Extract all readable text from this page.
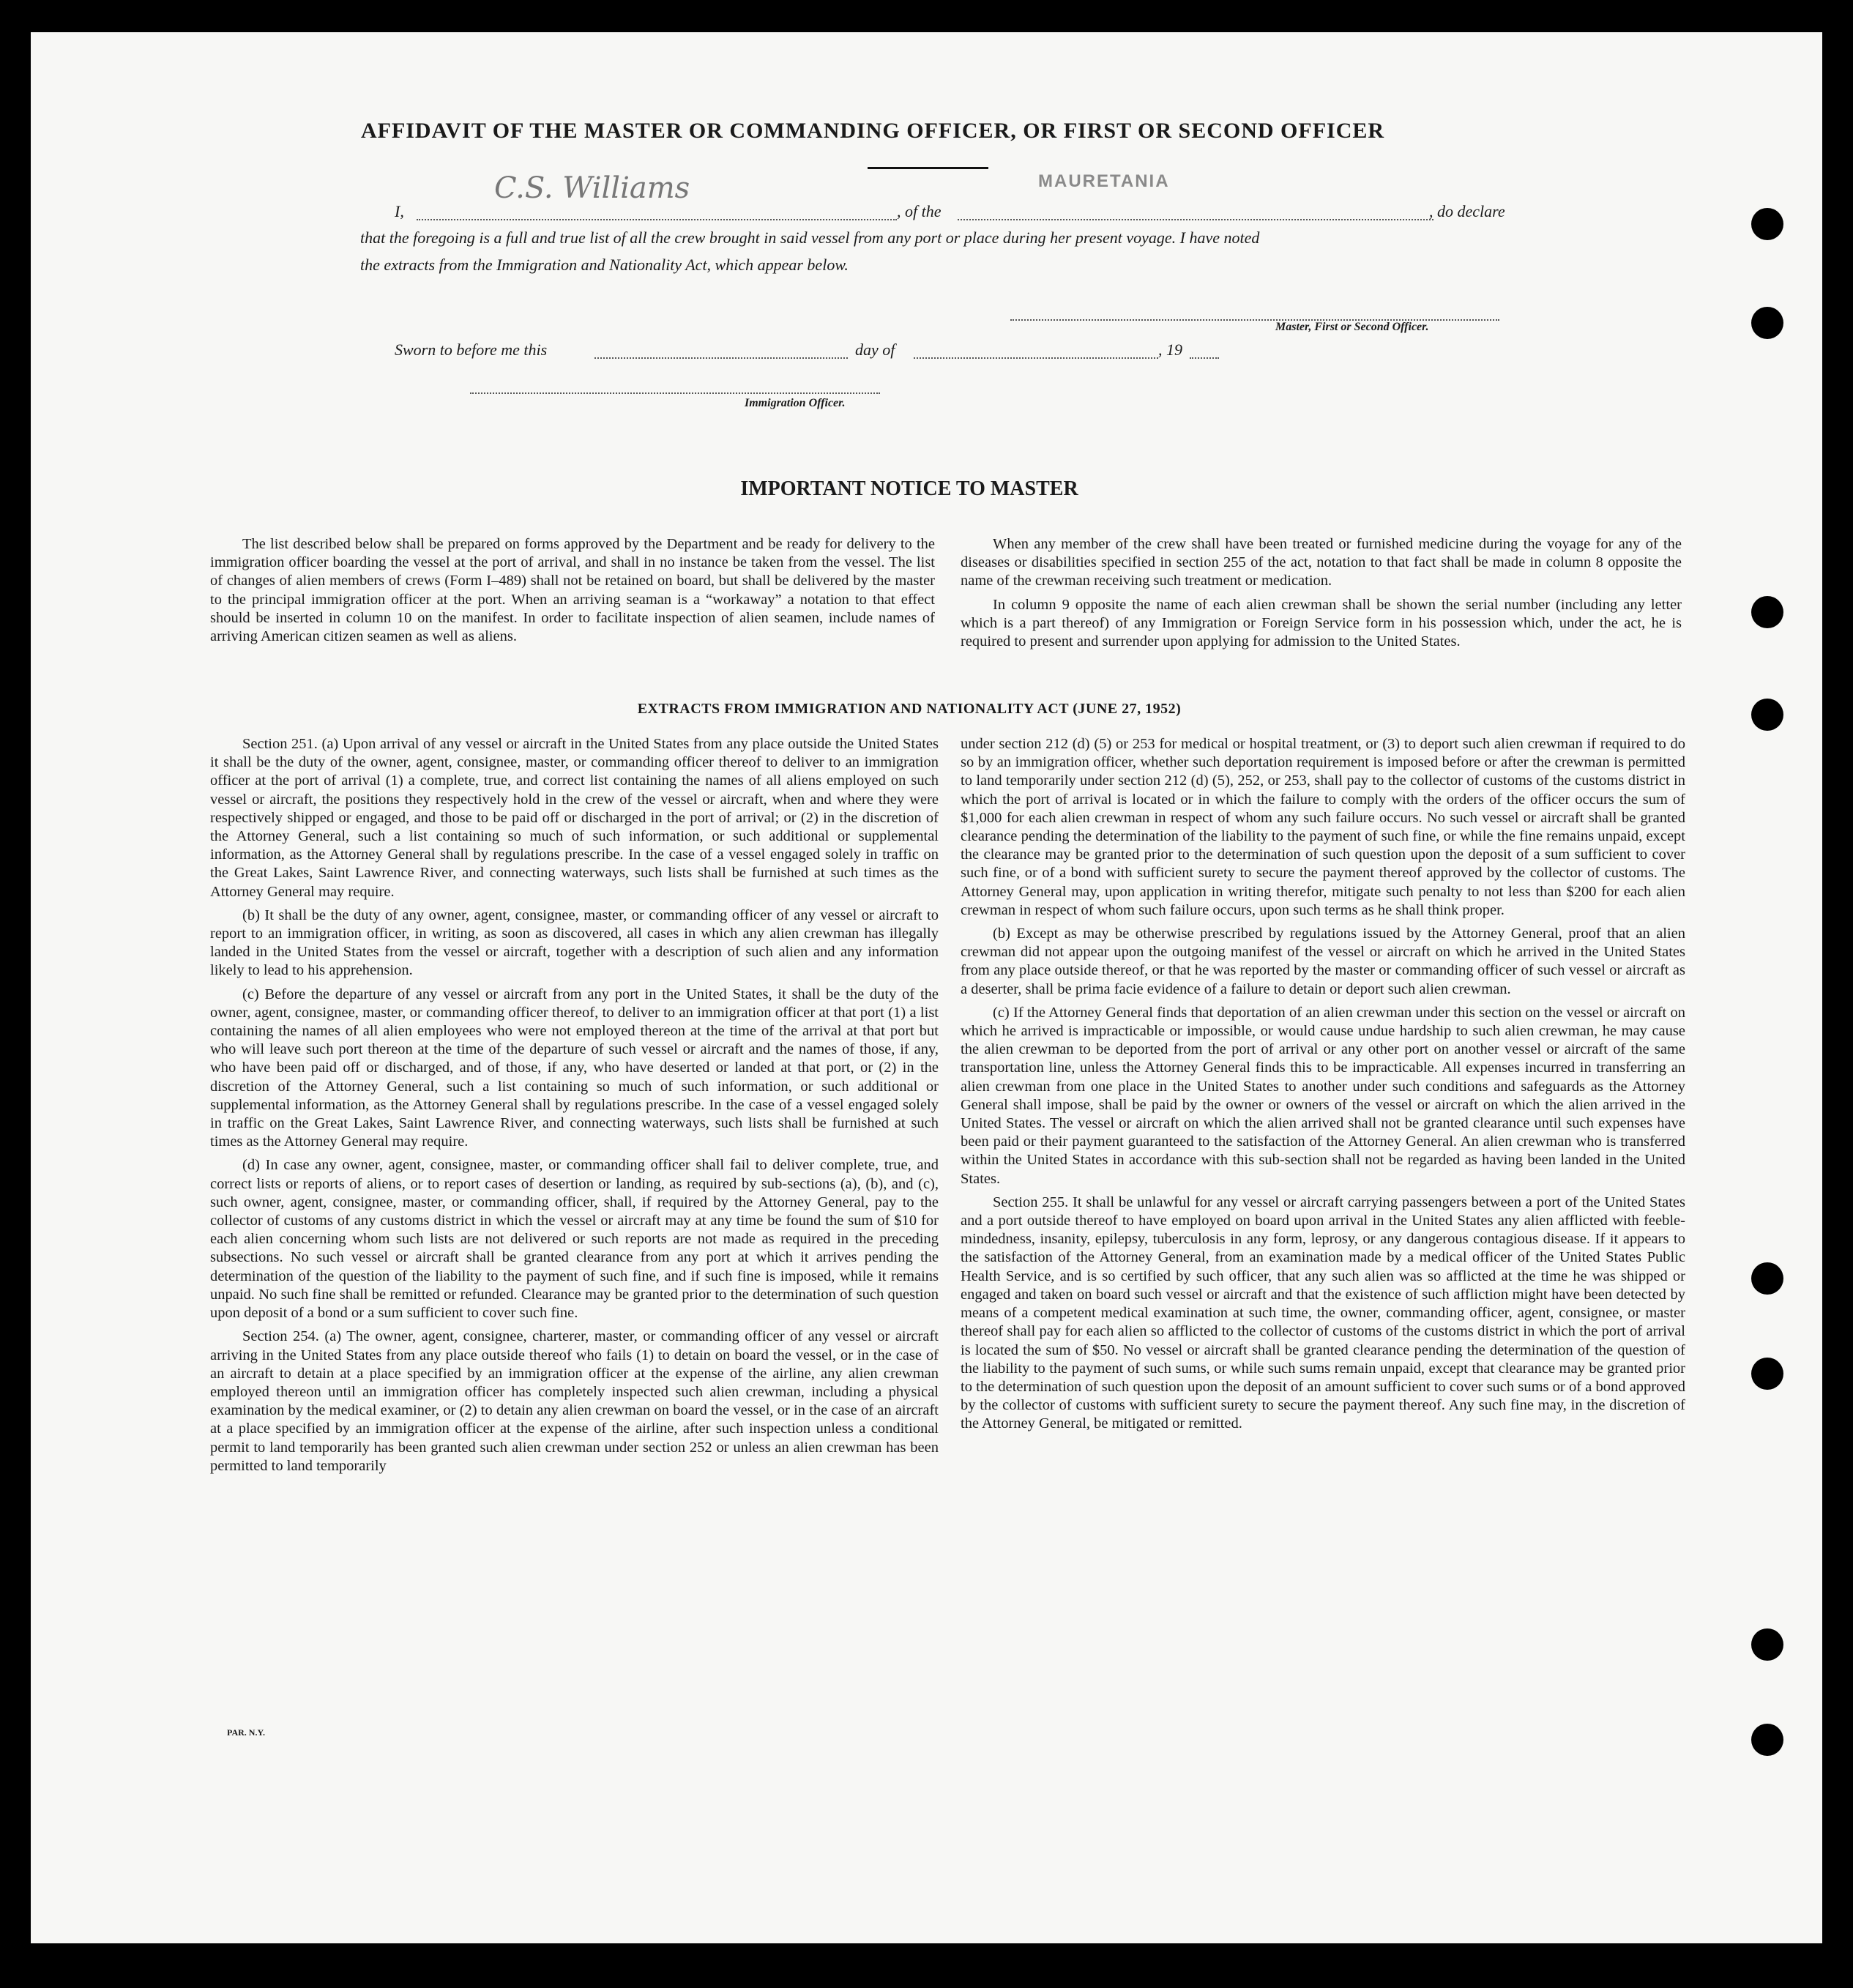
AFFIDAVIT OF THE MASTER OR COMMANDING OFFICER, OR FIRST OR SECOND OFFICER
I,
C.S. Williams
, of the
MAURETANIA
, do declare
that the foregoing is a full and true list of all the crew brought in said vessel from any port or place during her present voyage. I have noted
the extracts from the Immigration and Nationality Act, which appear below.
Master, First or Second Officer.
Sworn to before me this	day of	, 19
Immigration Officer.
IMPORTANT NOTICE TO MASTER

The list described below shall be prepared on forms approved by the Department and be ready for delivery to the immigration officer boarding the vessel at the port of arrival, and shall in no instance be taken from the vessel. The list of changes of alien members of crews (Form I–489) shall not be retained on board, but shall be delivered by the master to the principal immigration officer at the port. When an arriving seaman is a “workaway” a notation to that effect should be inserted in column 10 on the manifest. In order to facilitate inspection of alien seamen, include names of arriving American citizen seamen as well as aliens.

When any member of the crew shall have been treated or furnished medicine during the voyage for any of the diseases or disabilities specified in section 255 of the act, notation to that fact shall be made in column 8 opposite the name of the crewman receiving such treatment or medication.

In column 9 opposite the name of each alien crewman shall be shown the serial number (including any letter which is a part thereof) of any Immigration or Foreign Service form in his possession which, under the act, he is required to present and surrender upon applying for admission to the United States.

EXTRACTS FROM IMMIGRATION AND NATIONALITY ACT (JUNE 27, 1952)

Section 251. (a) Upon arrival of any vessel or aircraft in the United States from any place outside the United States it shall be the duty of the owner, agent, consignee, master, or commanding officer thereof to deliver to an immigration officer at the port of arrival (1) a complete, true, and correct list containing the names of all aliens employed on such vessel or aircraft, the positions they respectively hold in the crew of the vessel or aircraft, when and where they were respectively shipped or engaged, and those to be paid off or discharged in the port of arrival; or (2) in the discretion of the Attorney General, such a list containing so much of such information, or such additional or supplemental information, as the Attorney General shall by regulations prescribe. In the case of a vessel engaged solely in traffic on the Great Lakes, Saint Lawrence River, and connecting waterways, such lists shall be furnished at such times as the Attorney General may require.

(b) It shall be the duty of any owner, agent, consignee, master, or commanding officer of any vessel or aircraft to report to an immigration officer, in writing, as soon as discovered, all cases in which any alien crewman has illegally landed in the United States from the vessel or aircraft, together with a description of such alien and any information likely to lead to his apprehension.

(c) Before the departure of any vessel or aircraft from any port in the United States, it shall be the duty of the owner, agent, consignee, master, or commanding officer thereof, to deliver to an immigration officer at that port (1) a list containing the names of all alien employees who were not employed thereon at the time of the arrival at that port but who will leave such port thereon at the time of the departure of such vessel or aircraft and the names of those, if any, who have been paid off or discharged, and of those, if any, who have deserted or landed at that port, or (2) in the discretion of the Attorney General, such a list containing so much of such information, or such additional or supplemental information, as the Attorney General shall by regulations prescribe. In the case of a vessel engaged solely in traffic on the Great Lakes, Saint Lawrence River, and connecting waterways, such lists shall be furnished at such times as the Attorney General may require.

(d) In case any owner, agent, consignee, master, or commanding officer shall fail to deliver complete, true, and correct lists or reports of aliens, or to report cases of desertion or landing, as required by sub-sections (a), (b), and (c), such owner, agent, consignee, master, or commanding officer, shall, if required by the Attorney General, pay to the collector of customs of any customs district in which the vessel or aircraft may at any time be found the sum of $10 for each alien concerning whom such lists are not delivered or such reports are not made as required in the preceding subsections. No such vessel or aircraft shall be granted clearance from any port at which it arrives pending the determination of the question of the liability to the payment of such fine, and if such fine is imposed, while it remains unpaid. No such fine shall be remitted or refunded. Clearance may be granted prior to the determination of such question upon deposit of a bond or a sum sufficient to cover such fine.

Section 254. (a) The owner, agent, consignee, charterer, master, or commanding officer of any vessel or aircraft arriving in the United States from any place outside thereof who fails (1) to detain on board the vessel, or in the case of an aircraft to detain at a place specified by an immigration officer at the expense of the airline, any alien crewman employed thereon until an immigration officer has completely inspected such alien crewman, including a physical examination by the medical examiner, or (2) to detain any alien crewman on board the vessel, or in the case of an aircraft at a place specified by an immigration officer at the expense of the airline, after such inspection unless a conditional permit to land temporarily has been granted such alien crewman under section 252 or unless an alien crewman has been permitted to land temporarily

under section 212 (d) (5) or 253 for medical or hospital treatment, or (3) to deport such alien crewman if required to do so by an immigration officer, whether such deportation requirement is imposed before or after the crewman is permitted to land temporarily under section 212 (d) (5), 252, or 253, shall pay to the collector of customs of the customs district in which the port of arrival is located or in which the failure to comply with the orders of the officer occurs the sum of $1,000 for each alien crewman in respect of whom any such failure occurs. No such vessel or aircraft shall be granted clearance pending the determination of the liability to the payment of such fine, or while the fine remains unpaid, except the clearance may be granted prior to the determination of such question upon the deposit of a sum sufficient to cover such fine, or of a bond with sufficient surety to secure the payment thereof approved by the collector of customs. The Attorney General may, upon application in writing therefor, mitigate such penalty to not less than $200 for each alien crewman in respect of whom such failure occurs, upon such terms as he shall think proper.

(b) Except as may be otherwise prescribed by regulations issued by the Attorney General, proof that an alien crewman did not appear upon the outgoing manifest of the vessel or aircraft on which he arrived in the United States from any place outside thereof, or that he was reported by the master or commanding officer of such vessel or aircraft as a deserter, shall be prima facie evidence of a failure to detain or deport such alien crewman.

(c) If the Attorney General finds that deportation of an alien crewman under this section on the vessel or aircraft on which he arrived is impracticable or impossible, or would cause undue hardship to such alien crewman, he may cause the alien crewman to be deported from the port of arrival or any other port on another vessel or aircraft of the same transportation line, unless the Attorney General finds this to be impracticable. All expenses incurred in transferring an alien crewman from one place in the United States to another under such conditions and safeguards as the Attorney General shall impose, shall be paid by the owner or owners of the vessel or aircraft on which the alien arrived in the United States. The vessel or aircraft on which the alien arrived shall not be granted clearance until such expenses have been paid or their payment guaranteed to the satisfaction of the Attorney General. An alien crewman who is transferred within the United States in accordance with this sub-section shall not be regarded as having been landed in the United States.

Section 255. It shall be unlawful for any vessel or aircraft carrying passengers between a port of the United States and a port outside thereof to have employed on board upon arrival in the United States any alien afflicted with feeble-mindedness, insanity, epilepsy, tuberculosis in any form, leprosy, or any dangerous contagious disease. If it appears to the satisfaction of the Attorney General, from an examination made by a medical officer of the United States Public Health Service, and is so certified by such officer, that any such alien was so afflicted at the time he was shipped or engaged and taken on board such vessel or aircraft and that the existence of such affliction might have been detected by means of a competent medical examination at such time, the owner, commanding officer, agent, consignee, or master thereof shall pay for each alien so afflicted to the collector of customs of the customs district in which the port of arrival is located the sum of $50. No vessel or aircraft shall be granted clearance pending the determination of the question of the liability to the payment of such sums, or while such sums remain unpaid, except that clearance may be granted prior to the determination of such question upon the deposit of an amount sufficient to cover such sums or of a bond approved by the collector of customs with sufficient surety to secure the payment thereof. Any such fine may, in the discretion of the Attorney General, be mitigated or remitted.

PAR. N.Y.
